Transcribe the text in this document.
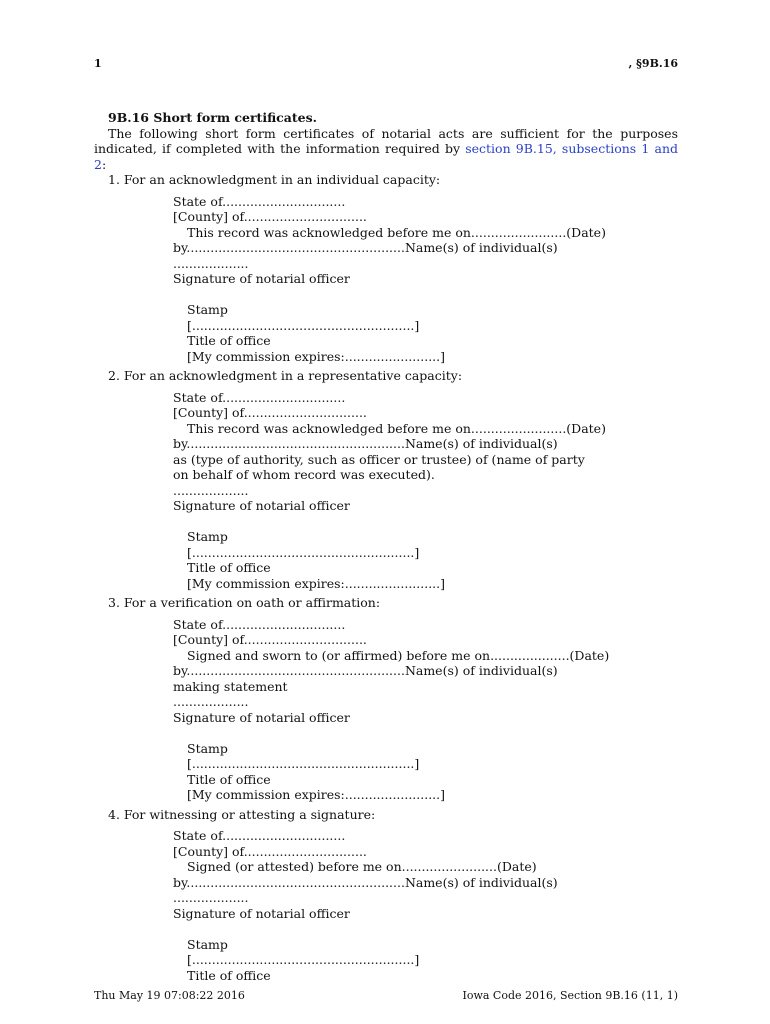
1	, §9B.16
9B.16 Short form certificates.
The following short form certificates of notarial acts are sufficient for the purposes indicated, if completed with the information required by section 9B.15, subsections 1 and 2:
1. For an acknowledgment in an individual capacity:
State of...............................
[County] of...............................
This record was acknowledged before me on........................(Date)
by.......................................................Name(s) of individual(s)
...................
Signature of notarial officer
Stamp
[........................................................]
Title of office
[My commission expires:........................]
2. For an acknowledgment in a representative capacity:
State of...............................
[County] of...............................
This record was acknowledged before me on........................(Date)
by.......................................................Name(s) of individual(s)
as (type of authority, such as officer or trustee) of (name of party on behalf of whom record was executed).
...................
Signature of notarial officer
Stamp
[........................................................]
Title of office
[My commission expires:........................]
3. For a verification on oath or affirmation:
State of...............................
[County] of...............................
Signed and sworn to (or affirmed) before me on....................(Date)
by.......................................................Name(s) of individual(s)
making statement
...................
Signature of notarial officer
Stamp
[........................................................]
Title of office
[My commission expires:........................]
4. For witnessing or attesting a signature:
State of...............................
[County] of...............................
Signed (or attested) before me on........................(Date)
by.......................................................Name(s) of individual(s)
...................
Signature of notarial officer
Stamp
[........................................................]
Title of office
Thu May 19 07:08:22 2016	Iowa Code 2016, Section 9B.16 (11, 1)
